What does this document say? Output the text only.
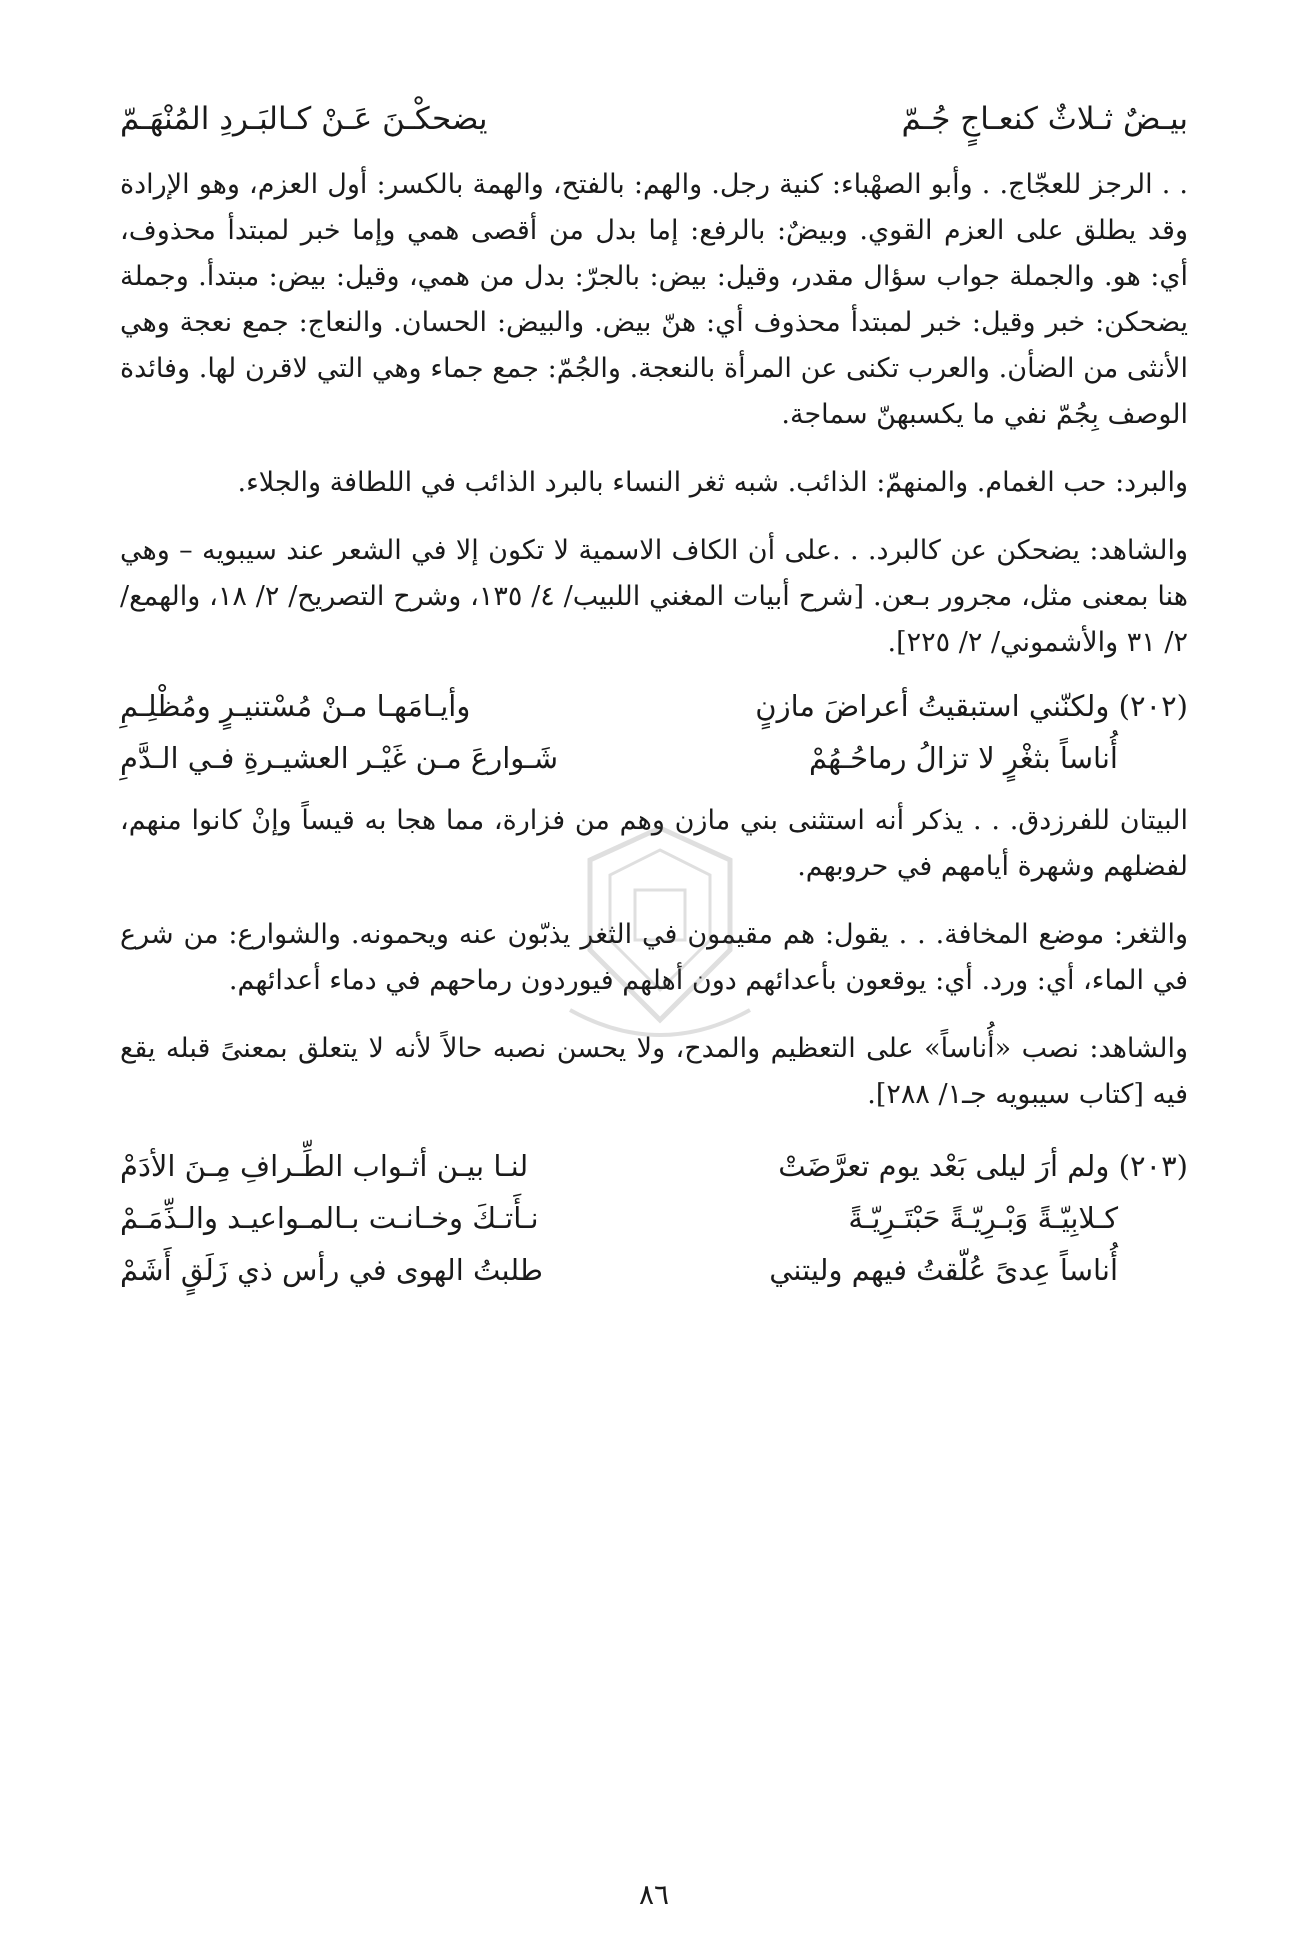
بيـضٌ ثـلاثٌ كنعـاجٍ جُـمّ
يضحكْـنَ عَـنْ كـالبَـردِ المُنْهَـمّ

. . الرجز للعجّاج. . وأبو الصهْباء: كنية رجل. والهم: بالفتح، والهمة بالكسر: أول العزم، وهو الإرادة وقد يطلق على العزم القوي. وبيضٌ: بالرفع: إما بدل من أقصى همي وإما خبر لمبتدأ محذوف، أي: هو. والجملة جواب سؤال مقدر، وقيل: بيض: بالجرّ: بدل من همي، وقيل: بيض: مبتدأ. وجملة يضحكن: خبر وقيل: خبر لمبتدأ محذوف أي: هنّ بيض. والبيض: الحسان. والنعاج: جمع نعجة وهي الأنثى من الضأن. والعرب تكنى عن المرأة بالنعجة. والجُمّ: جمع جماء وهي التي لاقرن لها. وفائدة الوصف بِجُمّ نفي ما يكسبهنّ سماجة.

والبرد: حب الغمام. والمنهمّ: الذائب. شبه ثغر النساء بالبرد الذائب في اللطافة والجلاء.

والشاهد: يضحكن عن كالبرد. . .على أن الكاف الاسمية لا تكون إلا في الشعر عند سيبويه – وهي هنا بمعنى مثل، مجرور بـعن. [شرح أبيات المغني اللبيب/ ٤/ ١٣٥، وشرح التصريح/ ٢/ ١٨، والهمع/ ٢/ ٣١ والأشموني/ ٢/ ٢٢٥].

(٢٠٢) ولكنّني استبقيتُ أعراضَ مازنٍ
وأيـامَهـا مـنْ مُسْتنيـرٍ ومُظْلِـمِ
أُناساً بثغْرٍ لا تزالُ رماحُـهُمْ
شَـوارعَ مـن غَيْـر العشيـرةِ فـي الـدَّمِ

البيتان للفرزدق. . . يذكر أنه استثنى بني مازن وهم من فزارة، مما هجا به قيساً وإنْ كانوا منهم، لفضلهم وشهرة أيامهم في حروبهم.

والثغر: موضع المخافة. . . يقول: هم مقيمون في الثغر يذبّون عنه ويحمونه. والشوارع: من شرع في الماء، أي: ورد. أي: يوقعون بأعدائهم دون أهلهم فيوردون رماحهم في دماء أعدائهم.

والشاهد: نصب «أُناساً» على التعظيم والمدح، ولا يحسن نصبه حالاً لأنه لا يتعلق بمعنىً قبله يقع فيه [كتاب سيبويه جـ١/ ٢٨٨].

(٢٠٣) ولم أرَ ليلى بَعْد يوم تعرَّضَتْ
لنـا بيـن أثـواب الطِّـرافِ مِـنَ الأدَمْ
كـلابِيّـةً وَبْـرِيّـةً حَبْتَـرِيّـةً
نـأَتـكَ وخـانـت بـالمـواعيـد والـذِّمَـمْ
أُناساً عِدىً عُلّقتُ فيهم وليتني
طلبتُ الهوى في رأس ذي زَلَقٍ أَشَمْ
٨٦
